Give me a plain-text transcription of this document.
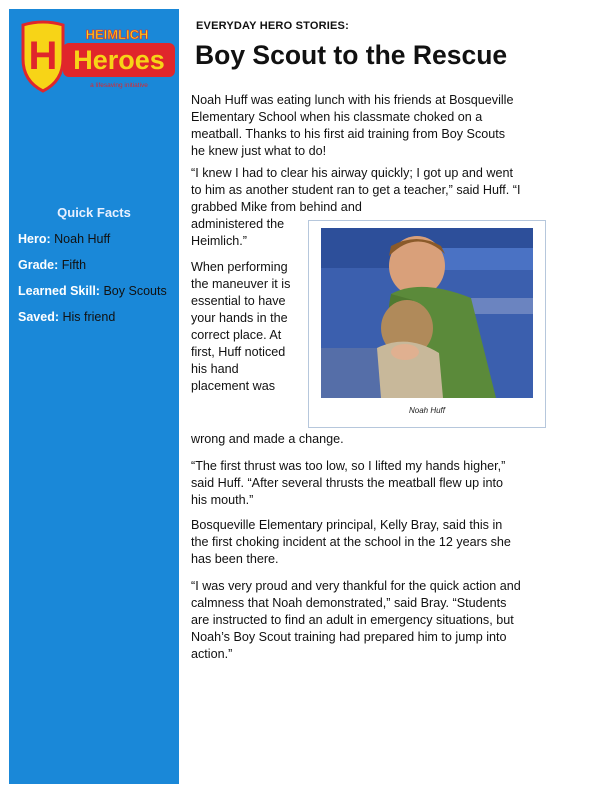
H HEIMLICH
Heroes
a lifesaving initiative
Quick Facts
Hero: Noah Huff
Grade: Fifth
Learned Skill: Boy Scouts
Saved: His friend
EVERYDAY HERO STORIES:
Boy Scout to the Rescue

Noah Huff was eating lunch with his friends at Bosqueville Elementary School when his classmate choked on a meatball. Thanks to his first aid training from Boy Scouts he knew just what to do!

“I knew I had to clear his airway quickly; I got up and went to him as another student ran to get a teacher,” said Huff. “I grabbed Mike from behind and

administered the Heimlich.”

When performing the maneuver it is essential to have your hands in the correct place. At first, Huff noticed his hand placement was

wrong and made a change.

“The first thrust was too low, so I lifted my hands higher,” said Huff. “After several thrusts the meatball flew up into his mouth.”

Bosqueville Elementary principal, Kelly Bray, said this in the first choking incident at the school in the 12 years she has been there.

“I was very proud and very thankful for the quick action and calmness that Noah demonstrated,” said Bray. “Students are instructed to find an adult in emergency situations, but Noah’s Boy Scout training had prepared him to jump into action.”

Noah Huff
